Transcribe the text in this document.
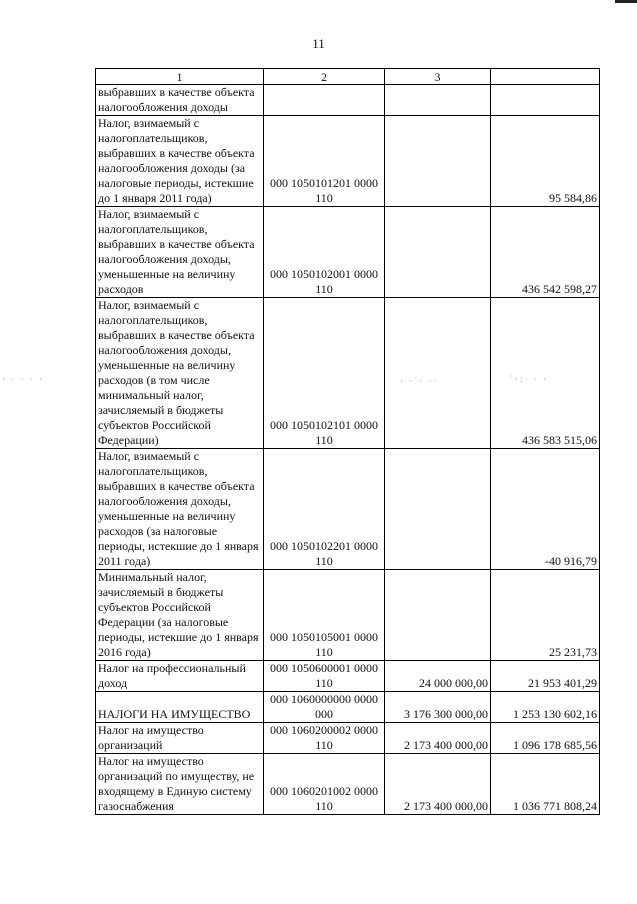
11
1	2	3	
выбравших в качестве объекта налогообложения доходы			
Налог, взимаемый с налогоплательщиков, выбравших в качестве объекта налогообложения доходы (за налоговые периоды, истекшие до 1 января 2011 года)	000 1050101201 0000 110		95 584,86
Налог, взимаемый с налогоплательщиков, выбравших в качестве объекта налогообложения доходы, уменьшенные на величину расходов	000 1050102001 0000 110		436 542 598,27
Налог, взимаемый с налогоплательщиков, выбравших в качестве объекта налогообложения доходы, уменьшенные на величину расходов (в том числе минимальный налог, зачисляемый в бюджеты субъектов Российской Федерации)	000 1050102101 0000 110		436 583 515,06
Налог, взимаемый с налогоплательщиков, выбравших в качестве объекта налогообложения доходы, уменьшенные на величину расходов (за налоговые периоды, истекшие до 1 января 2011 года)	000 1050102201 0000 110		-40 916,79
Минимальный налог, зачисляемый в бюджеты субъектов Российской Федерации (за налоговые периоды, истекшие до 1 января 2016 года)	000 1050105001 0000 110		25 231,73
Налог на профессиональный доход	000 1050600001 0000 110	24 000 000,00	21 953 401,29
НАЛОГИ НА ИМУЩЕСТВО	000 1060000000 0000 000	3 176 300 000,00	1 253 130 602,16
Налог на имущество организаций	000 1060200002 0000 110	2 173 400 000,00	1 096 178 685,56
Налог на имущество организаций по имуществу, не входящему в Единую систему газоснабжения	000 1060201002 0000 110	2 173 400 000,00	1 036 771 808,24
· · · · ·	· ·˙· ··	˙·:· · ·
